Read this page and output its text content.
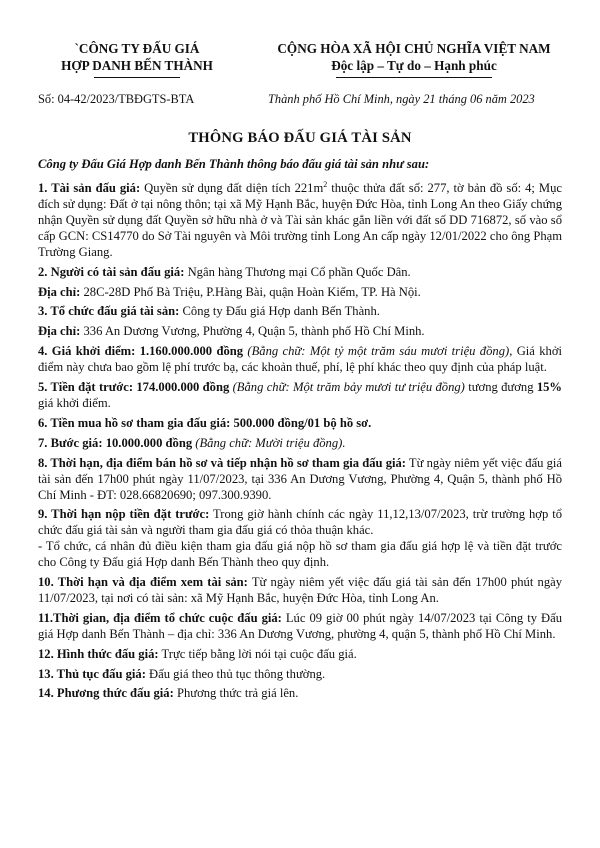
`CÔNG TY ĐẤU GIÁ
HỢP DANH BẾN THÀNH
CỘNG HÒA XÃ HỘI CHỦ NGHĨA VIỆT NAM
Độc lập – Tự do – Hạnh phúc
Số: 04-42/2023/TBĐGTS-BTA	Thành phố Hồ Chí Minh, ngày 21 tháng 06 năm 2023
THÔNG BÁO ĐẤU GIÁ TÀI SẢN

Công ty Đấu Giá Hợp danh Bến Thành thông báo đấu giá tài sản như sau:

1. Tài sản đấu giá: Quyền sử dụng đất diện tích $221m^2$ thuộc thửa đất số: 277, tờ bản đồ số: 4; Mục đích sử dụng: Đất ở tại nông thôn; tại xã Mỹ Hạnh Bắc, huyện Đức Hòa, tỉnh Long An theo Giấy chứng nhận Quyền sử dụng đất Quyền sở hữu nhà ở và Tài sản khác gắn liền với đất số DD 716872, số vào sổ cấp GCN: CS14770 do Sở Tài nguyên và Môi trường tỉnh Long An cấp ngày 12/01/2022 cho ông Phạm Trường Giang.

2. Người có tài sản đấu giá: Ngân hàng Thương mại Cổ phần Quốc Dân.

Địa chỉ: 28C-28D Phố Bà Triệu, P.Hàng Bài, quận Hoàn Kiếm, TP. Hà Nội.

3. Tổ chức đấu giá tài sản: Công ty Đấu giá Hợp danh Bến Thành.

Địa chỉ: 336 An Dương Vương, Phường 4, Quận 5, thành phố Hồ Chí Minh.

4. Giá khởi điểm: 1.160.000.000 đồng (Bằng chữ: Một tỷ một trăm sáu mươi triệu đồng), Giá khởi điểm này chưa bao gồm lệ phí trước bạ, các khoản thuế, phí, lệ phí khác theo quy định của pháp luật.

5. Tiền đặt trước: 174.000.000 đồng (Bằng chữ: Một trăm bảy mươi tư triệu đồng) tương đương 15% giá khởi điểm.

6. Tiền mua hồ sơ tham gia đấu giá: 500.000 đồng/01 bộ hồ sơ.

7. Bước giá: 10.000.000 đồng (Bằng chữ: Mười triệu đồng).

8. Thời hạn, địa điểm bán hồ sơ và tiếp nhận hồ sơ tham gia đấu giá: Từ ngày niêm yết việc đấu giá tài sản đến 17h00 phút ngày 11/07/2023, tại 336 An Dương Vương, Phường 4, Quận 5, thành phố Hồ Chí Minh - ĐT: 028.66820690; 097.300.9390.

9. Thời hạn nộp tiền đặt trước: Trong giờ hành chính các ngày 11,12,13/07/2023, trừ trường hợp tổ chức đấu giá tài sản và người tham gia đấu giá có thỏa thuận khác.

- Tổ chức, cá nhân đủ điều kiện tham gia đấu giá nộp hồ sơ tham gia đấu giá hợp lệ và tiền đặt trước cho Công ty Đấu giá Hợp danh Bến Thành theo quy định.

10. Thời hạn và địa điểm xem tài sản: Từ ngày niêm yết việc đấu giá tài sản đến 17h00 phút ngày 11/07/2023, tại nơi có tài sản: xã Mỹ Hạnh Bắc, huyện Đức Hòa, tỉnh Long An.

11.Thời gian, địa điểm tổ chức cuộc đấu giá: Lúc 09 giờ 00 phút ngày 14/07/2023 tại Công ty Đấu giá Hợp danh Bến Thành – địa chỉ: 336 An Dương Vương, phường 4, quận 5, thành phố Hồ Chí Minh.

12. Hình thức đấu giá: Trực tiếp bằng lời nói tại cuộc đấu giá.

13. Thủ tục đấu giá: Đấu giá theo thủ tục thông thường.

14. Phương thức đấu giá: Phương thức trả giá lên.
